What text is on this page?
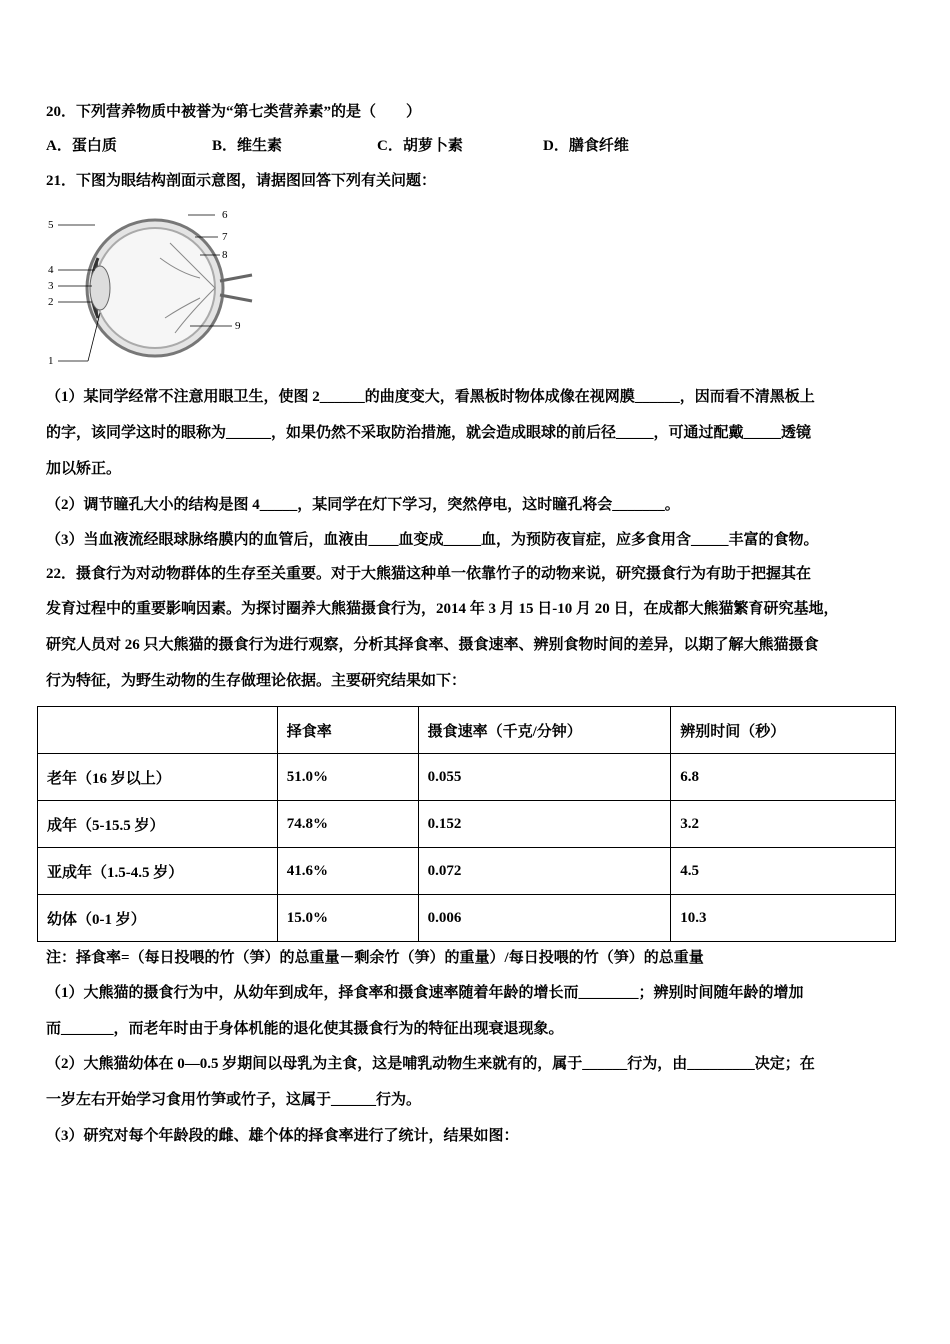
20．下列营养物质中被誉为“第七类营养素”的是（　　）
A．蛋白质	B．维生素	C．胡萝卜素	D．膳食纤维
21．下图为眼结构剖面示意图，请据图回答下列有关问题：
5
4
3
2
1
6
7
8
9
（1）某同学经常不注意用眼卫生，使图 2______的曲度变大，看黑板时物体成像在视网膜______，因而看不清黑板上
的字，该同学这时的眼称为______，如果仍然不采取防治措施，就会造成眼球的前后径_____，可通过配戴_____透镜
加以矫正。
（2）调节瞳孔大小的结构是图 4_____，某同学在灯下学习，突然停电，这时瞳孔将会_______。
（3）当血液流经眼球脉络膜内的血管后，血液由____血变成_____血，为预防夜盲症，应多食用含_____丰富的食物。
22．摄食行为对动物群体的生存至关重要。对于大熊猫这种单一依靠竹子的动物来说，研究摄食行为有助于把握其在
发育过程中的重要影响因素。为探讨圈养大熊猫摄食行为，2014 年 3 月 15 日-10 月 20 日，在成都大熊猫繁育研究基地，
研究人员对 26 只大熊猫的摄食行为进行观察，分析其择食率、摄食速率、辨别食物时间的差异，以期了解大熊猫摄食
行为特征，为野生动物的生存做理论依据。主要研究结果如下：
	择食率	摄食速率（千克/分钟）	辨别时间（秒）
老年（16 岁以上）	51.0%	0.055	6.8
成年（5-15.5 岁）	74.8%	0.152	3.2
亚成年（1.5-4.5 岁）	41.6%	0.072	4.5
幼体（0-1 岁）	15.0%	0.006	10.3
注：择食率=（每日投喂的竹（笋）的总重量－剩余竹（笋）的重量）/每日投喂的竹（笋）的总重量
（1）大熊猫的摄食行为中，从幼年到成年，择食率和摄食速率随着年龄的增长而________；辨别时间随年龄的增加
而_______，而老年时由于身体机能的退化使其摄食行为的特征出现衰退现象。
（2）大熊猫幼体在 0—0.5 岁期间以母乳为主食，这是哺乳动物生来就有的，属于______行为，由_________决定；在
一岁左右开始学习食用竹笋或竹子，这属于______行为。
（3）研究对每个年龄段的雌、雄个体的择食率进行了统计，结果如图：
